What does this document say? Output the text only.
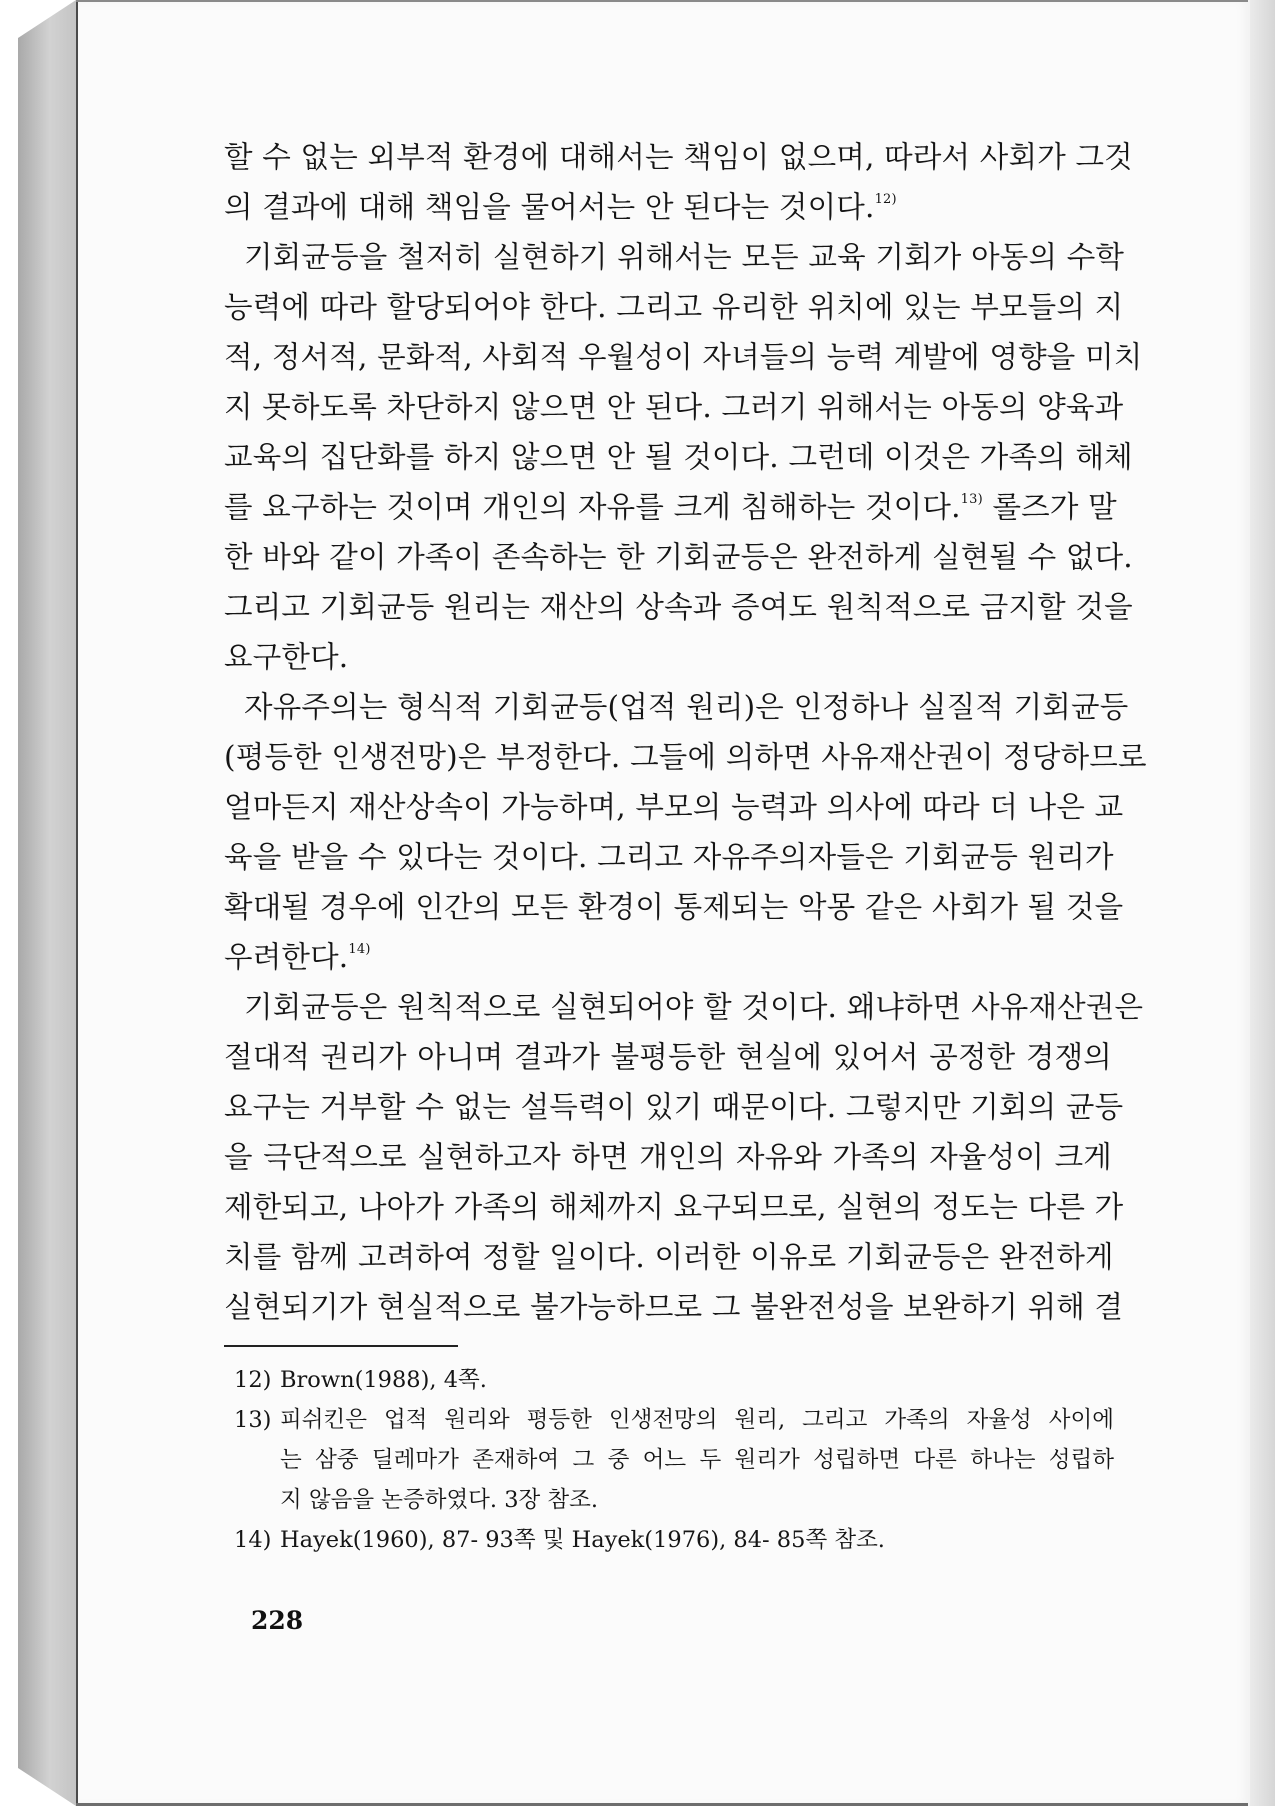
할 수 없는 외부적 환경에 대해서는 책임이 없으며, 따라서 사회가 그것
의 결과에 대해 책임을 물어서는 안 된다는 것이다.$^{12)}$
기회균등을 철저히 실현하기 위해서는 모든 교육 기회가 아동의 수학
능력에 따라 할당되어야 한다. 그리고 유리한 위치에 있는 부모들의 지
적, 정서적, 문화적, 사회적 우월성이 자녀들의 능력 계발에 영향을 미치
지 못하도록 차단하지 않으면 안 된다. 그러기 위해서는 아동의 양육과
교육의 집단화를 하지 않으면 안 될 것이다. 그런데 이것은 가족의 해체
를 요구하는 것이며 개인의 자유를 크게 침해하는 것이다.$^{13)}$ 롤즈가 말
한 바와 같이 가족이 존속하는 한 기회균등은 완전하게 실현될 수 없다.
그리고 기회균등 원리는 재산의 상속과 증여도 원칙적으로 금지할 것을
요구한다.
자유주의는 형식적 기회균등(업적 원리)은 인정하나 실질적 기회균등
(평등한 인생전망)은 부정한다. 그들에 의하면 사유재산권이 정당하므로
얼마든지 재산상속이 가능하며, 부모의 능력과 의사에 따라 더 나은 교
육을 받을 수 있다는 것이다. 그리고 자유주의자들은 기회균등 원리가
확대될 경우에 인간의 모든 환경이 통제되는 악몽 같은 사회가 될 것을
우려한다.$^{14)}$
기회균등은 원칙적으로 실현되어야 할 것이다. 왜냐하면 사유재산권은
절대적 권리가 아니며 결과가 불평등한 현실에 있어서 공정한 경쟁의
요구는 거부할 수 없는 설득력이 있기 때문이다. 그렇지만 기회의 균등
을 극단적으로 실현하고자 하면 개인의 자유와 가족의 자율성이 크게
제한되고, 나아가 가족의 해체까지 요구되므로, 실현의 정도는 다른 가
치를 함께 고려하여 정할 일이다. 이러한 이유로 기회균등은 완전하게
실현되기가 현실적으로 불가능하므로 그 불완전성을 보완하기 위해 결
12) Brown(1988), 4쪽.
13) 피쉬킨은 업적 원리와 평등한 인생전망의 원리, 그리고 가족의 자율성 사이에
는 삼중 딜레마가 존재하여 그 중 어느 두 원리가 성립하면 다른 하나는 성립하
지 않음을 논증하였다. 3장 참조.
14) Hayek(1960), 87- 93쪽 및 Hayek(1976), 84- 85쪽 참조.
228
